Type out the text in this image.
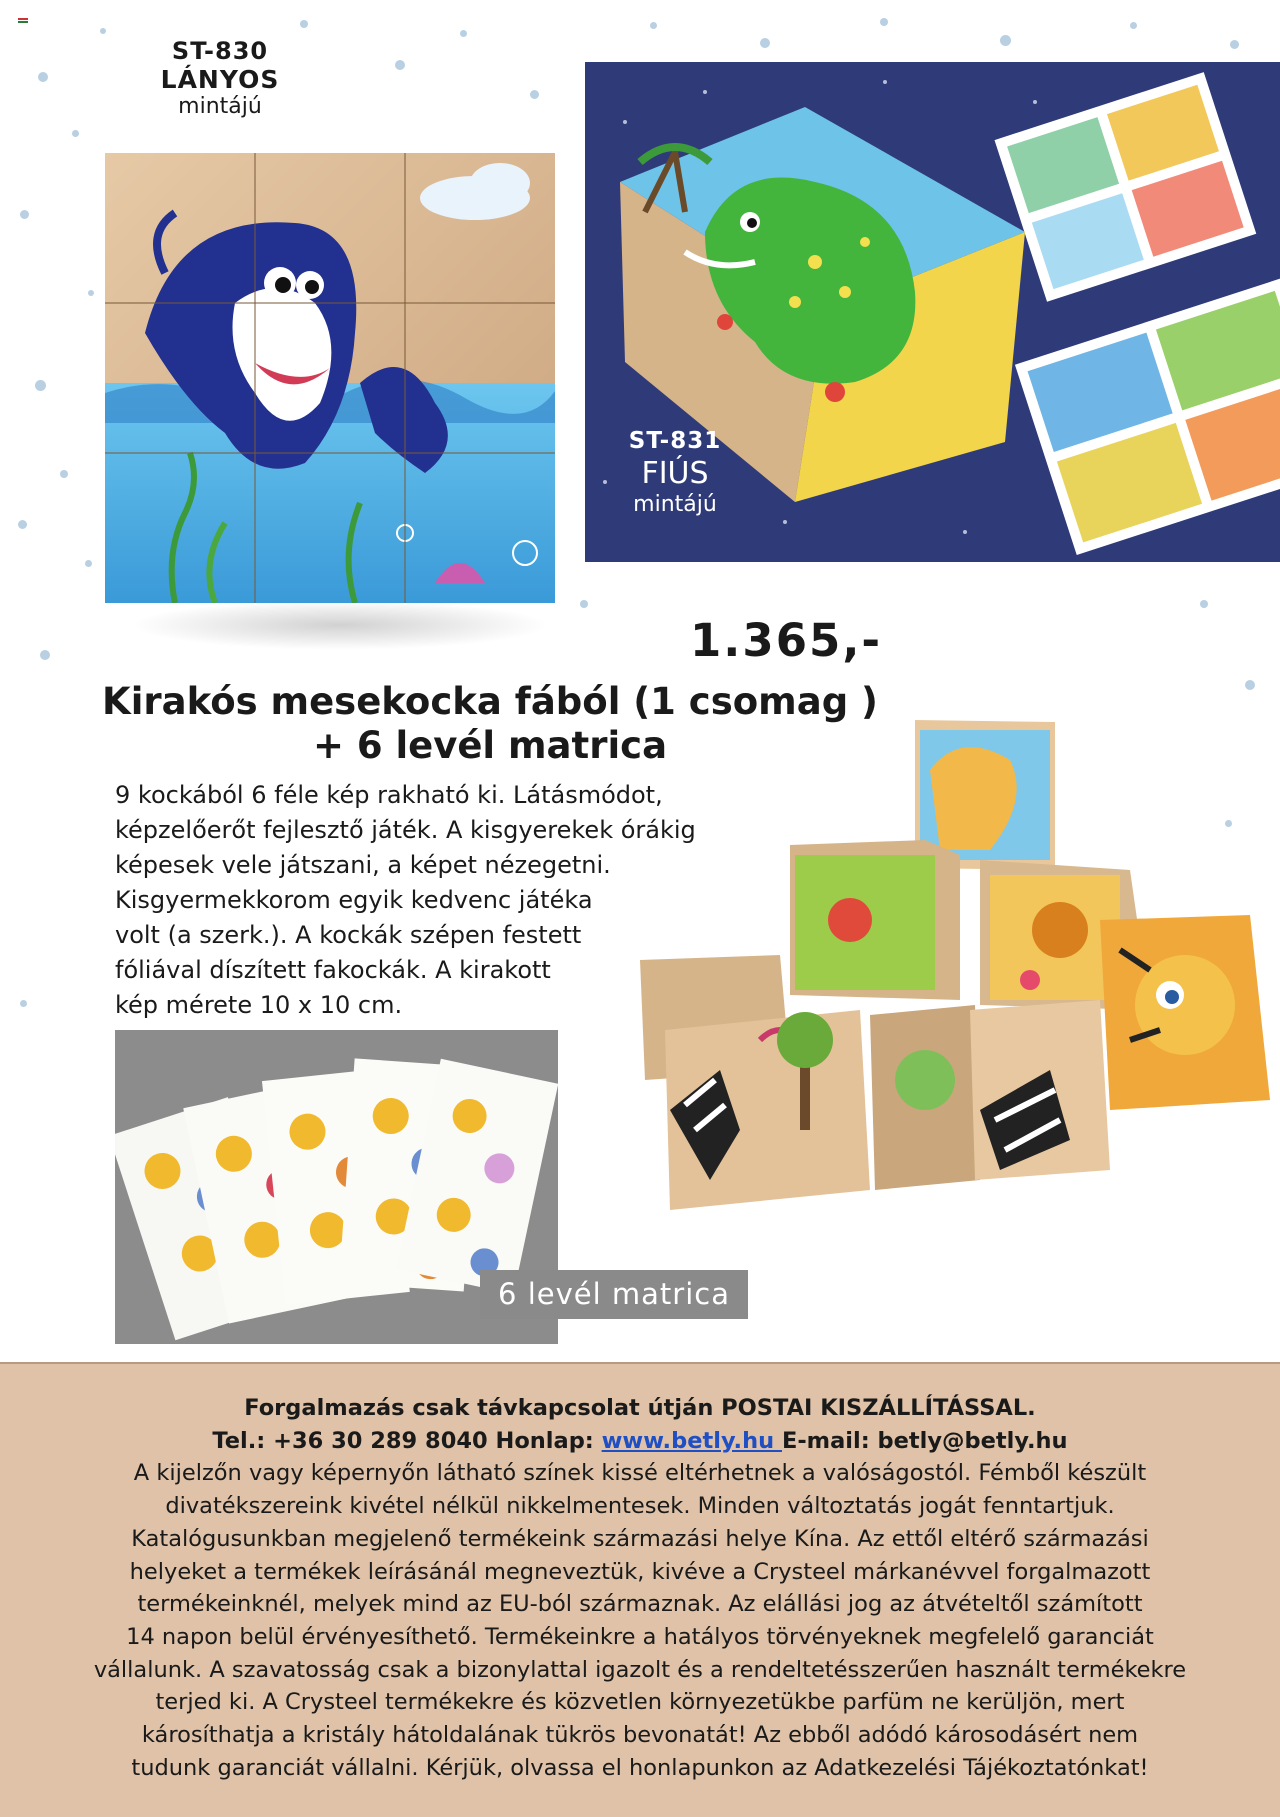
ST-830
LÁNYOS
mintájú
ST-831
FIÚS
mintájú
1.365,-
Kirakós mesekocka fából (1 csomag )
+ 6 levél matrica
9 kockából 6 féle kép rakható ki. Látásmódot,
képzelőerőt fejlesztő játék. A kisgyerekek órákig
képesek vele játszani, a képet nézegetni.
Kisgyermekkorom egyik kedvenc játéka
volt (a szerk.). A kockák szépen festett
fóliával díszített fakockák. A kirakott
kép mérete 10 x 10 cm.
6 levél matrica
Forgalmazás csak távkapcsolat útján POSTAI KISZÁLLÍTÁSSAL.
Tel.: +36 30 289 8040 Honlap: www.betly.hu E-mail: betly@betly.hu
A kijelzőn vagy képernyőn látható színek kissé eltérhetnek a valóságostól. Fémből készült
divatékszereink kivétel nélkül nikkelmentesek. Minden változtatás jogát fenntartjuk.
Katalógusunkban megjelenő termékeink származási helye Kína. Az ettől eltérő származási
helyeket a termékek leírásánál megneveztük, kivéve a Crysteel márkanévvel forgalmazott
termékeinknél, melyek mind az EU-ból származnak. Az elállási jog az átvételtől számított
14 napon belül érvényesíthető. Termékeinkre a hatályos törvényeknek megfelelő garanciát
vállalunk. A szavatosság csak a bizonylattal igazolt és a rendeltetésszerűen használt termékekre
terjed ki. A Crysteel termékekre és közvetlen környezetükbe parfüm ne kerüljön, mert
károsíthatja a kristály hátoldalának tükrös bevonatát! Az ebből adódó károsodásért nem
tudunk garanciát vállalni. Kérjük, olvassa el honlapunkon az Adatkezelési Tájékoztatónkat!
